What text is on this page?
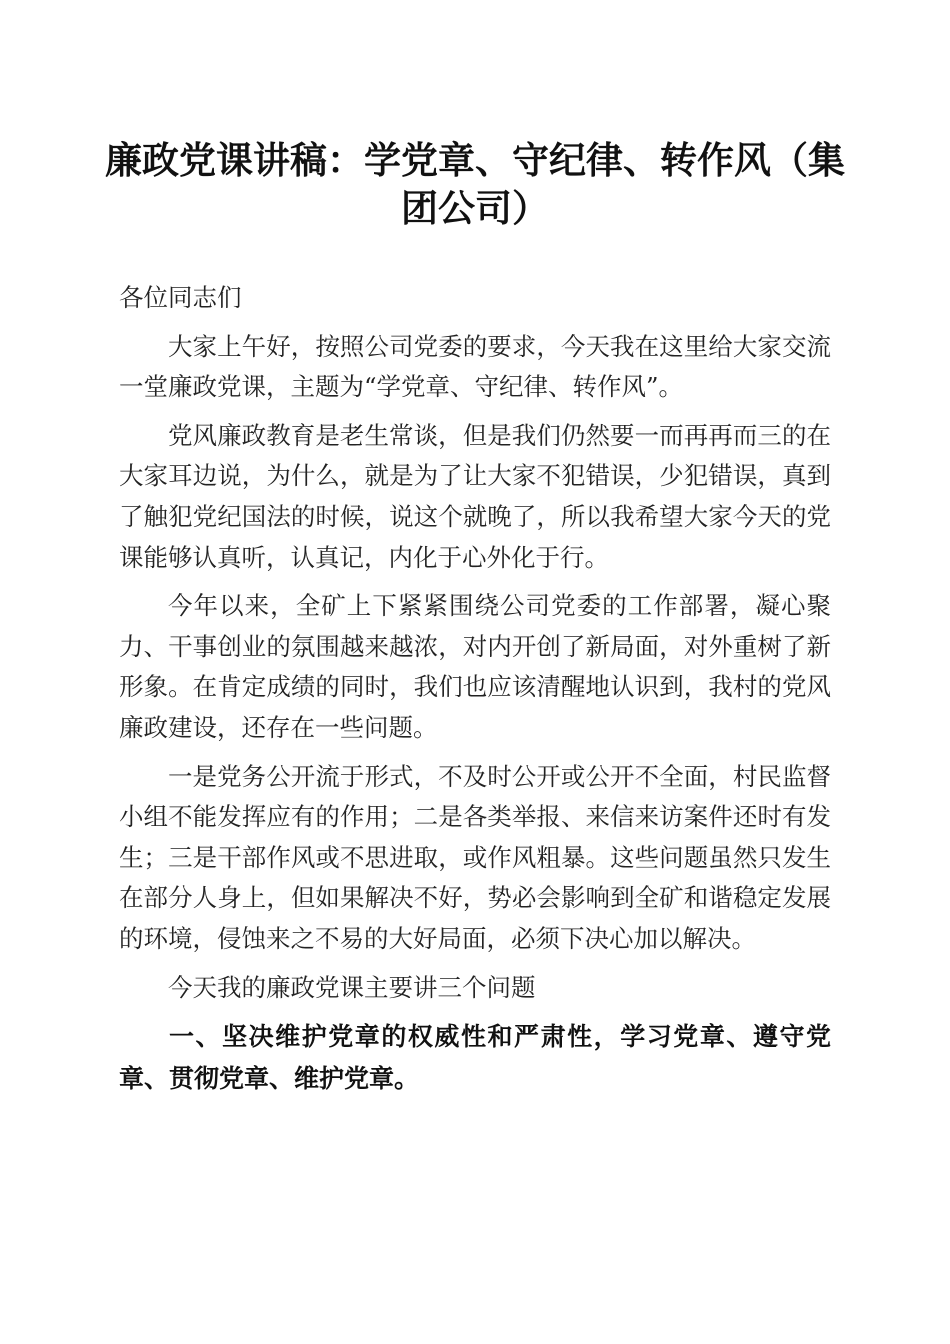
廉政党课讲稿：学党章、守纪律、转作风（集团公司）

各位同志们

大家上午好，按照公司党委的要求，今天我在这里给大家交流一堂廉政党课，主题为“学党章、守纪律、转作风”。

党风廉政教育是老生常谈，但是我们仍然要一而再再而三的在大家耳边说，为什么，就是为了让大家不犯错误，少犯错误，真到了触犯党纪国法的时候，说这个就晚了，所以我希望大家今天的党课能够认真听，认真记，内化于心外化于行。

今年以来，全矿上下紧紧围绕公司党委的工作部署，凝心聚力、干事创业的氛围越来越浓，对内开创了新局面，对外重树了新形象。在肯定成绩的同时，我们也应该清醒地认识到，我村的党风廉政建设，还存在一些问题。

一是党务公开流于形式，不及时公开或公开不全面，村民监督小组不能发挥应有的作用；二是各类举报、来信来访案件还时有发生；三是干部作风或不思进取，或作风粗暴。这些问题虽然只发生在部分人身上，但如果解决不好，势必会影响到全矿和谐稳定发展的环境，侵蚀来之不易的大好局面，必须下决心加以解决。

今天我的廉政党课主要讲三个问题

一、坚决维护党章的权威性和严肃性，学习党章、遵守党章、贯彻党章、维护党章。
